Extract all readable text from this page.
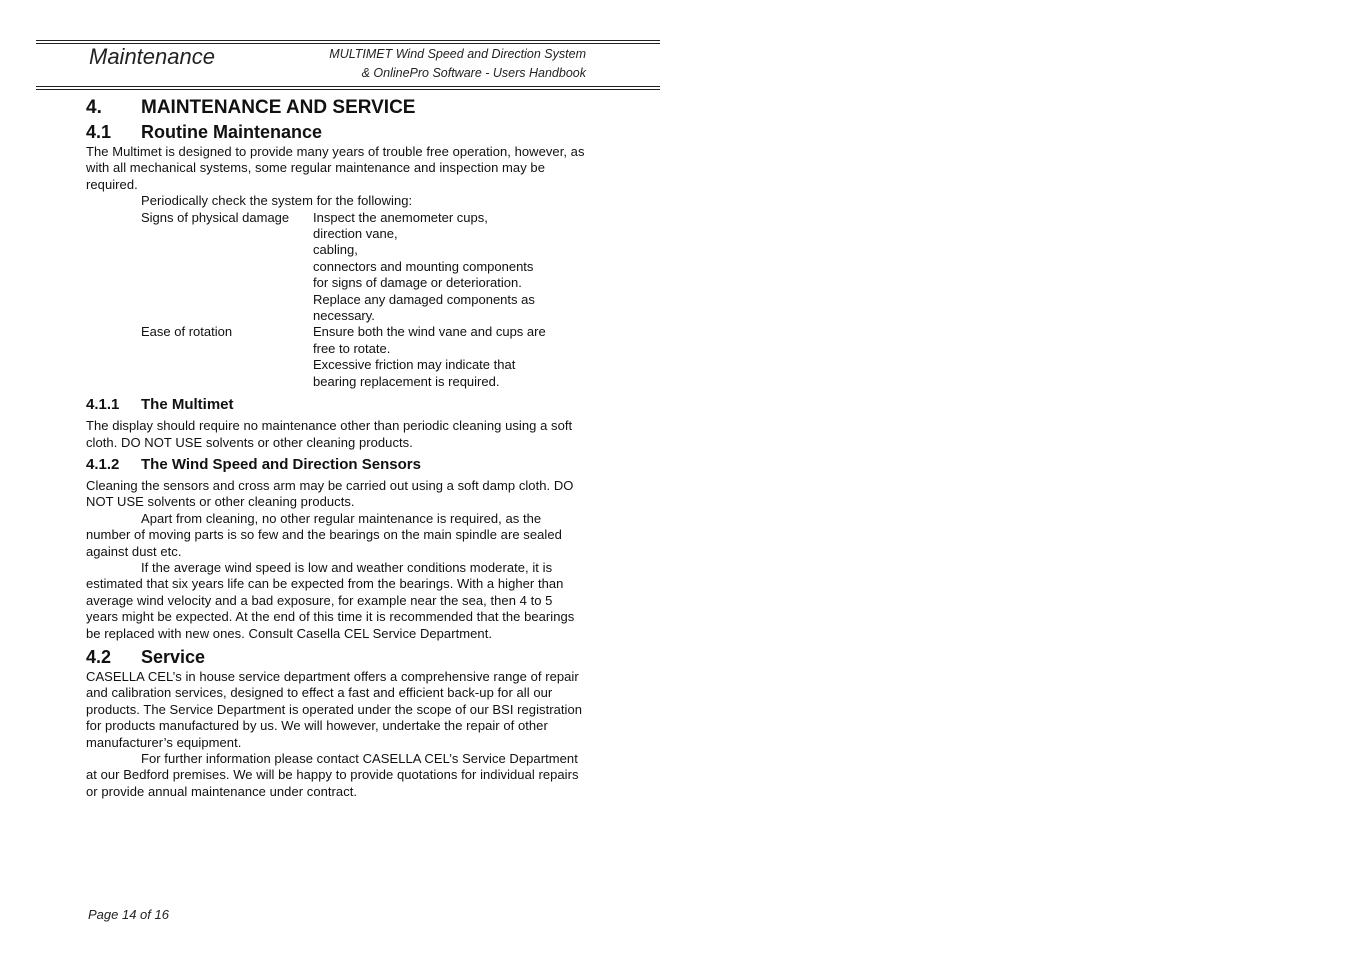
Maintenance	MULTIMET Wind Speed and Direction System
& OnlinePro Software - Users Handbook
4. MAINTENANCE AND SERVICE
4.1 Routine Maintenance

The Multimet is designed to provide many years of trouble free operation, however, as with all mechanical systems, some regular maintenance and inspection may be required.

Periodically check the system for the following:

Signs of physical damage	Inspect the anemometer cups,
direction vane,
cabling,
connectors and mounting components
for signs of damage or deterioration.
Replace any damaged components as
necessary.
Ease of rotation	Ensure both the wind vane and cups are
free to rotate.
Excessive friction may indicate that
bearing replacement is required.
4.1.1 The Multimet

The display should require no maintenance other than periodic cleaning using a soft cloth. DO NOT USE solvents or other cleaning products.

4.1.2 The Wind Speed and Direction Sensors

Cleaning the sensors and cross arm may be carried out using a soft damp cloth. DO NOT USE solvents or other cleaning products.

Apart from cleaning, no other regular maintenance is required, as the number of moving parts is so few and the bearings on the main spindle are sealed against dust etc.

If the average wind speed is low and weather conditions moderate, it is estimated that six years life can be expected from the bearings. With a higher than average wind velocity and a bad exposure, for example near the sea, then 4 to 5 years might be expected. At the end of this time it is recommended that the bearings be replaced with new ones. Consult Casella CEL Service Department.

4.2 Service

CASELLA CEL’s in house service department offers a comprehensive range of repair and calibration services, designed to effect a fast and efficient back-up for all our products. The Service Department is operated under the scope of our BSI registration for products manufactured by us. We will however, undertake the repair of other manufacturer’s equipment.

For further information please contact CASELLA CEL’s Service Department at our Bedford premises. We will be happy to provide quotations for individual repairs or provide annual maintenance under contract.

Page 14 of 16
